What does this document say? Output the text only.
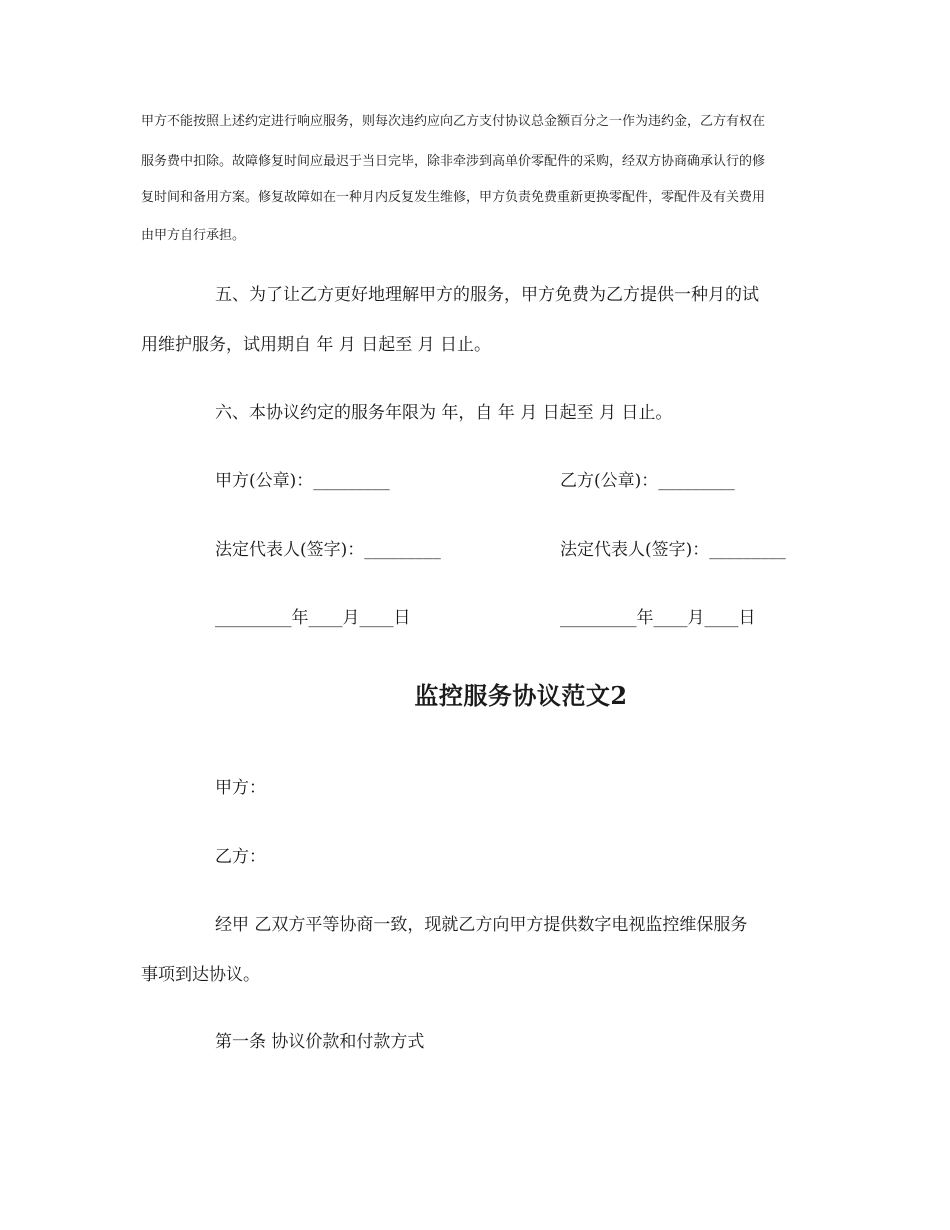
甲方不能按照上述约定进行响应服务，则每次违约应向乙方支付协议总金额百分之一作为违约金，乙方有权在
服务费中扣除。故障修复时间应最迟于当日完毕，除非牵涉到高单价零配件的采购，经双方协商确承认行的修
复时间和备用方案。修复故障如在一种月内反复发生维修，甲方负责免费重新更换零配件，零配件及有关费用
由甲方自行承担。
五、为了让乙方更好地理解甲方的服务，甲方免费为乙方提供一种月的试
用维护服务，试用期自 年 月 日起至 月 日止。
六、本协议约定的服务年限为 年，自 年 月 日起至 月 日止。
甲方(公章)：_________	乙方(公章)：_________
法定代表人(签字)：_________	法定代表人(签字)：_________
_________年____月____日	_________年____月____日
监控服务协议范文2
甲方：
乙方：
经甲 乙双方平等协商一致，现就乙方向甲方提供数字电视监控维保服务
事项到达协议。
第一条 协议价款和付款方式
